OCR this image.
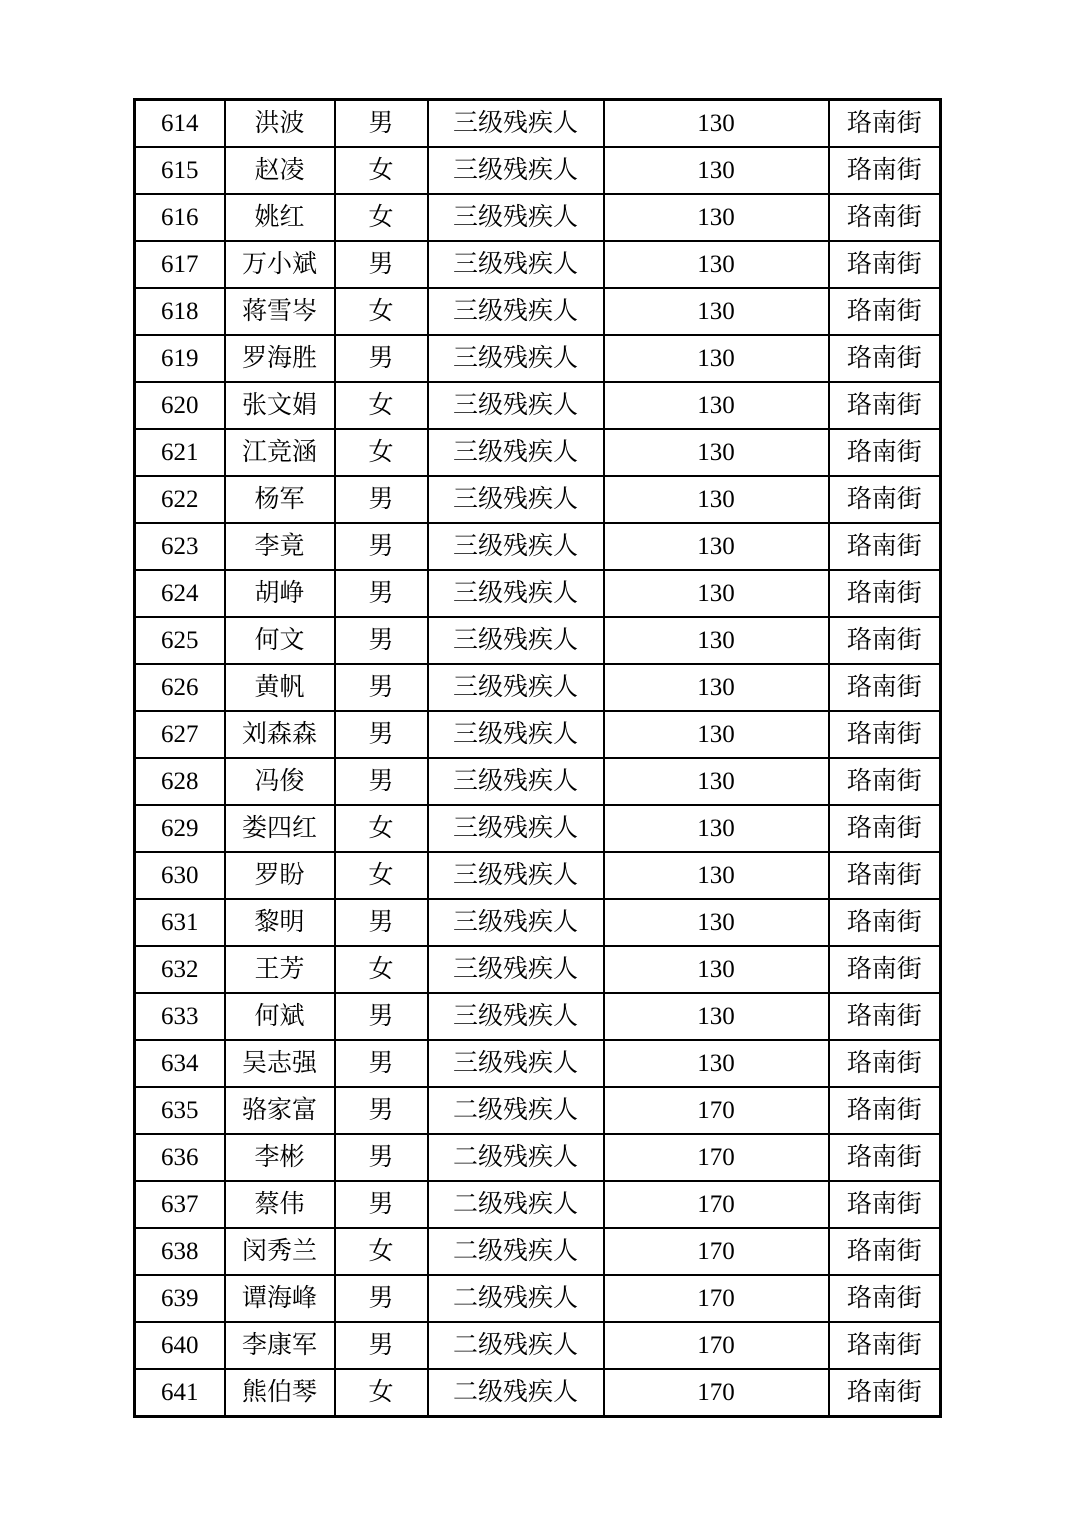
614	洪波	男	三级残疾人	130	珞南街
615	赵凌	女	三级残疾人	130	珞南街
616	姚红	女	三级残疾人	130	珞南街
617	万小斌	男	三级残疾人	130	珞南街
618	蒋雪岑	女	三级残疾人	130	珞南街
619	罗海胜	男	三级残疾人	130	珞南街
620	张文娟	女	三级残疾人	130	珞南街
621	江竞涵	女	三级残疾人	130	珞南街
622	杨军	男	三级残疾人	130	珞南街
623	李竟	男	三级残疾人	130	珞南街
624	胡峥	男	三级残疾人	130	珞南街
625	何文	男	三级残疾人	130	珞南街
626	黄帆	男	三级残疾人	130	珞南街
627	刘森森	男	三级残疾人	130	珞南街
628	冯俊	男	三级残疾人	130	珞南街
629	娄四红	女	三级残疾人	130	珞南街
630	罗盼	女	三级残疾人	130	珞南街
631	黎明	男	三级残疾人	130	珞南街
632	王芳	女	三级残疾人	130	珞南街
633	何斌	男	三级残疾人	130	珞南街
634	吴志强	男	三级残疾人	130	珞南街
635	骆家富	男	二级残疾人	170	珞南街
636	李彬	男	二级残疾人	170	珞南街
637	蔡伟	男	二级残疾人	170	珞南街
638	闵秀兰	女	二级残疾人	170	珞南街
639	谭海峰	男	二级残疾人	170	珞南街
640	李康军	男	二级残疾人	170	珞南街
641	熊伯琴	女	二级残疾人	170	珞南街
